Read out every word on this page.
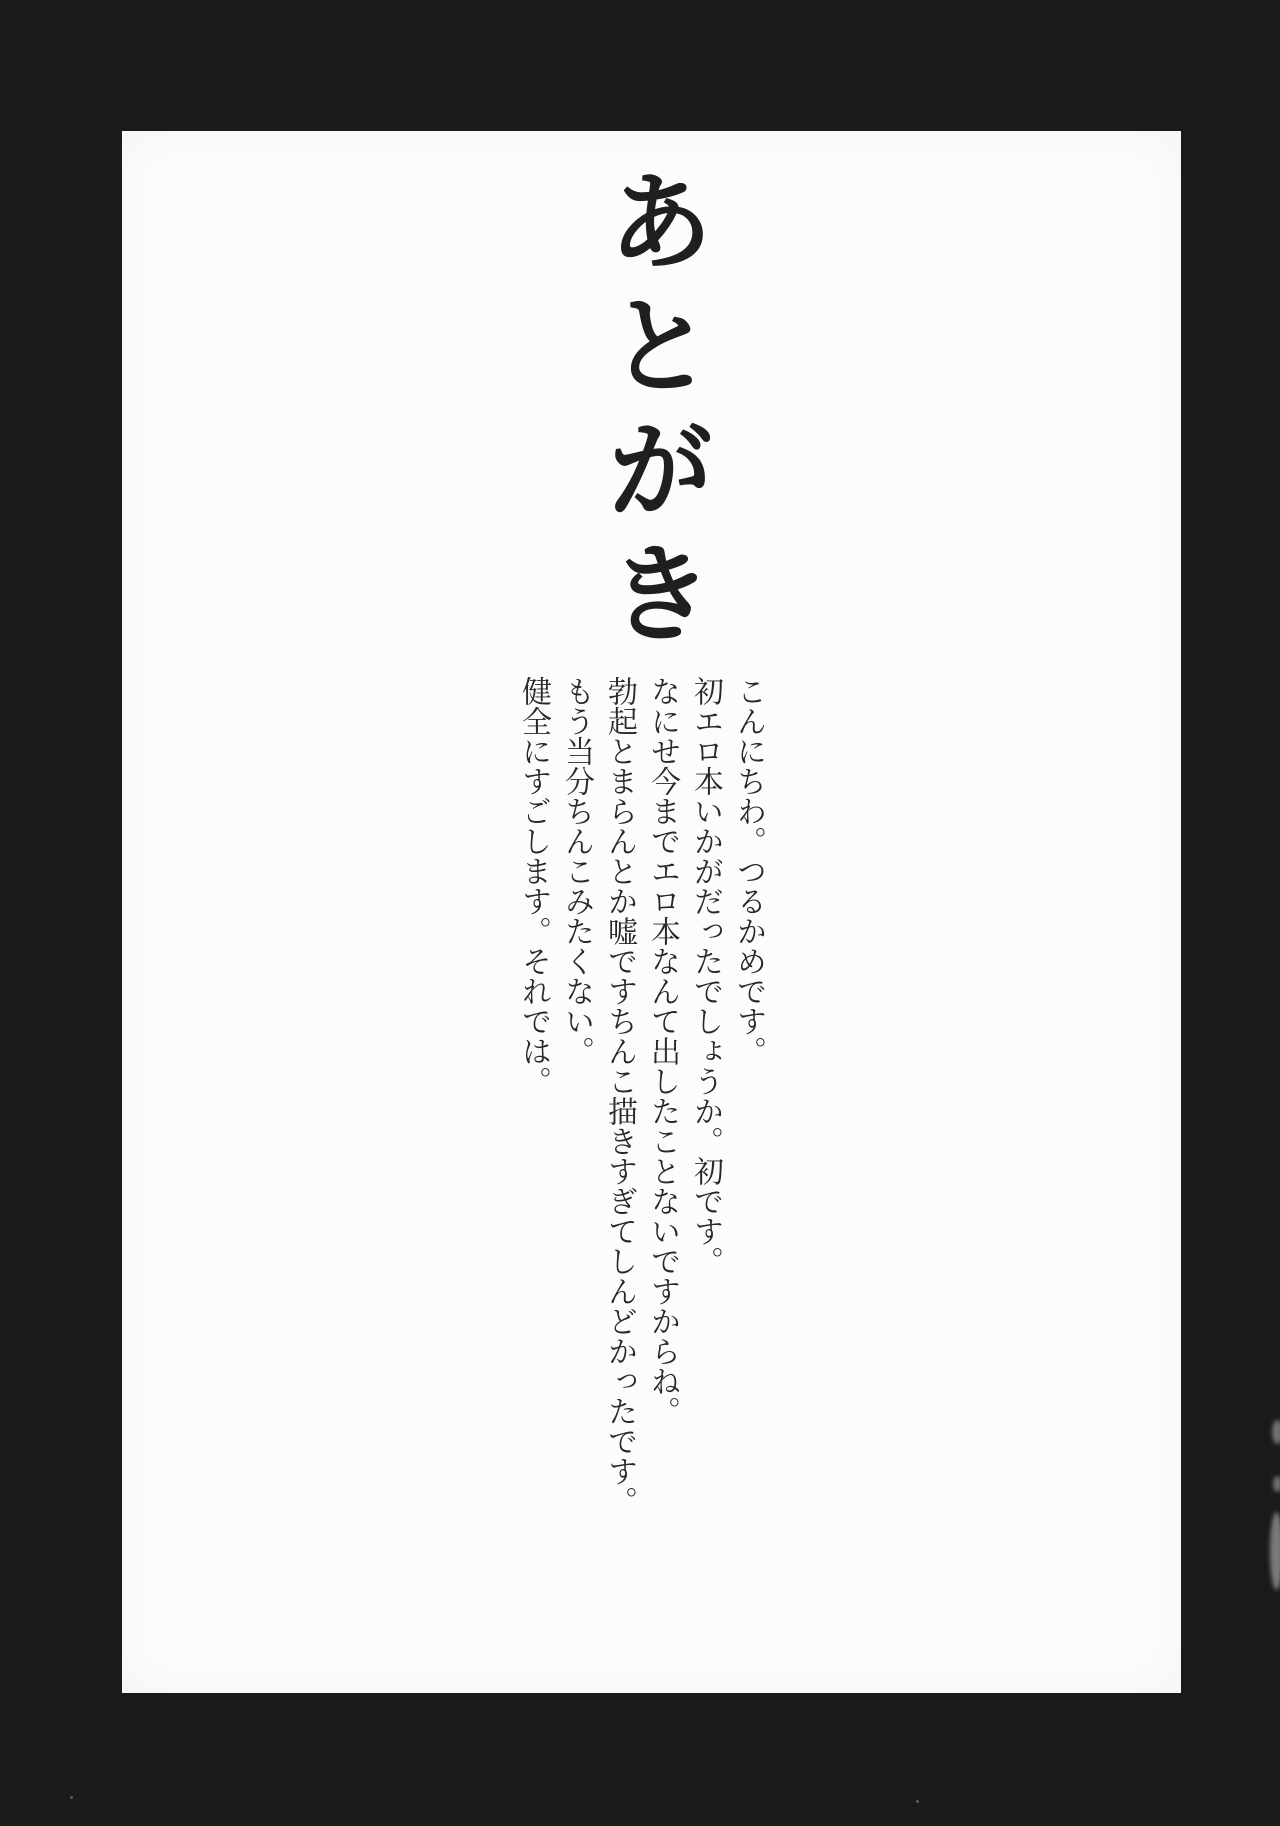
あとがき

こんにちわ。つるかめです。

初エロ本いかがだったでしょうか。初です。

なにせ今までエロ本なんて出したことないですからね。

勃起とまらんとか嘘ですちんこ描きすぎてしんどかったです。

もう当分ちんこみたくない。

健全にすごします。それでは。
